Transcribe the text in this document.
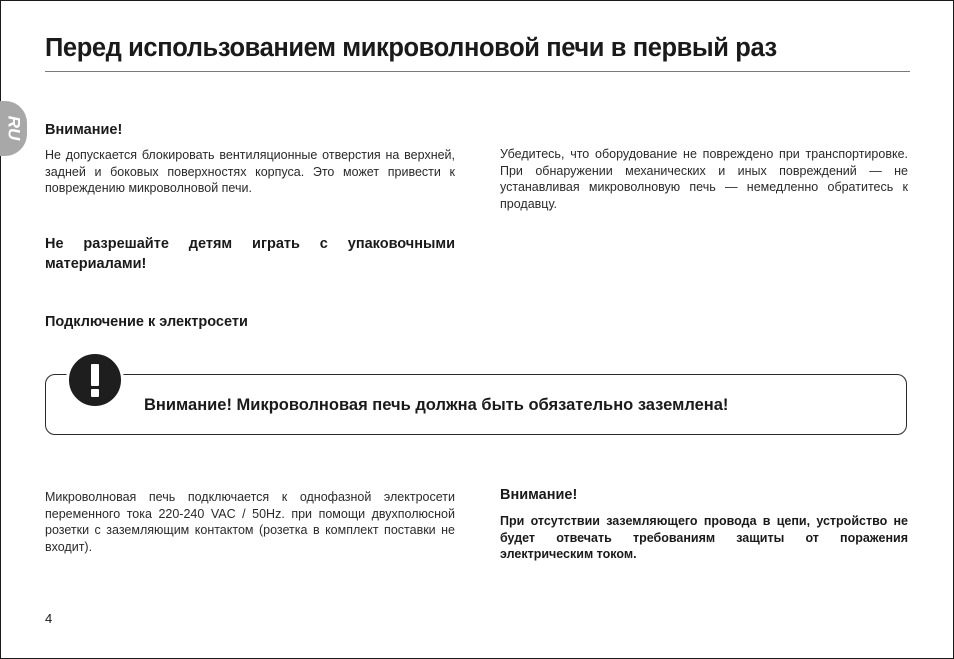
Перед использованием микроволновой печи в первый раз
RU Внимание!

Не допускается блокировать вентиляционные отверстия на верхней, задней и боковых поверхностях корпуса. Это может привести к повреждению микроволновой печи.

Убедитесь, что оборудование не повреждено при транспортировке. При обнаружении механических и иных повреждений — не устанавливая микроволновую печь — немедленно обратитесь к продавцу.

Не разрешайте детям играть с упаковочными материалами!
Подключение к электросети
Внимание! Микроволновая печь должна быть обязательно заземлена!

Микроволновая печь подключается к однофазной электросети переменного тока 220-240 VAC / 50Hz. при помощи двухполюсной розетки с заземляющим контактом (розетка в комплект поставки не входит).

Внимание!

При отсутствии заземляющего провода в цепи, устройство не будет отвечать требованиям защиты от поражения электрическим током.

4
